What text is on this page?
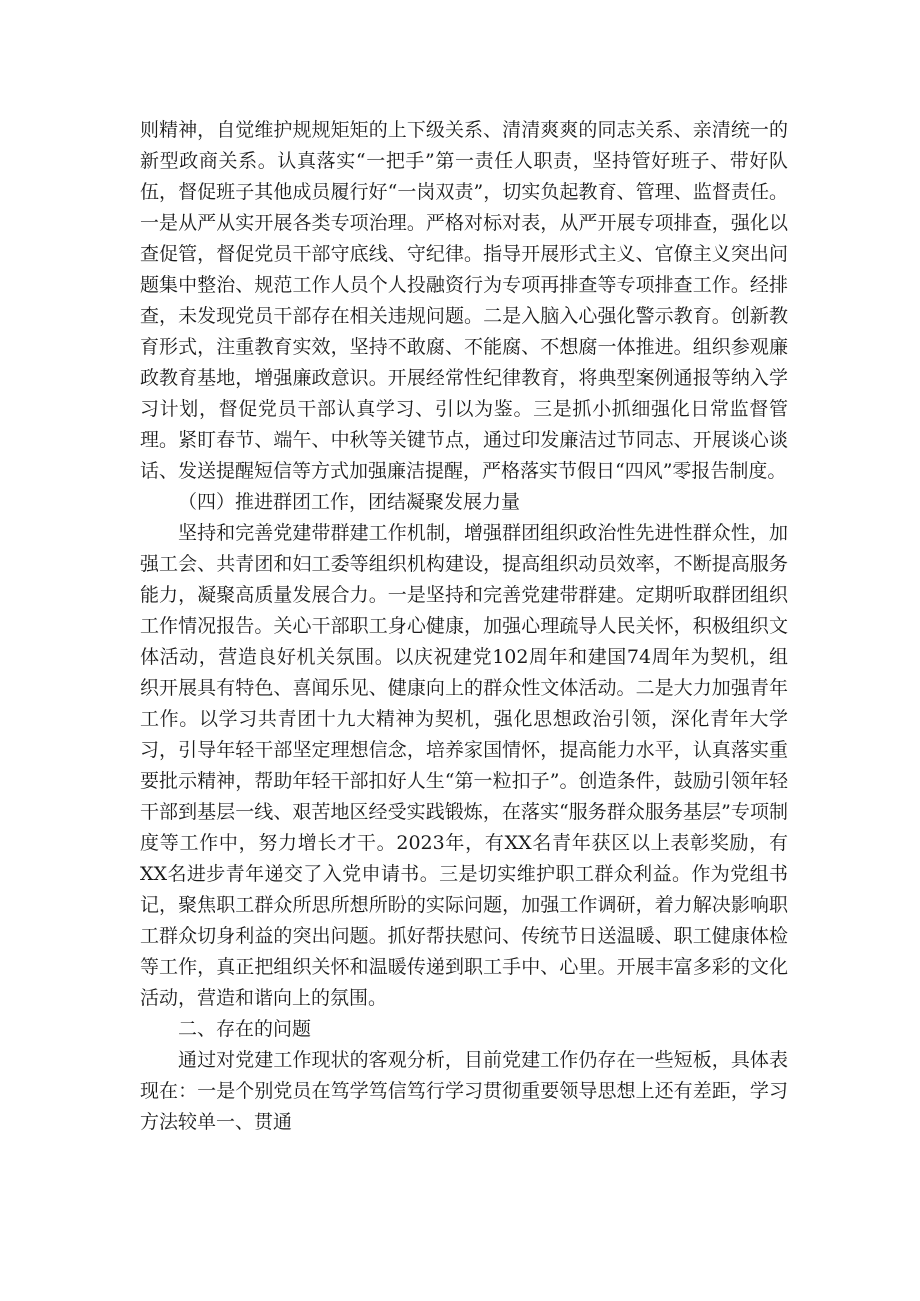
则精神，自觉维护规规矩矩的上下级关系、清清爽爽的同志关系、亲清统一的新型政商关系。认真落实“一把手”第一责任人职责，坚持管好班子、带好队伍，督促班子其他成员履行好“一岗双责”，切实负起教育、管理、监督责任。一是从严从实开展各类专项治理。严格对标对表，从严开展专项排查，强化以查促管，督促党员干部守底线、守纪律。指导开展形式主义、官僚主义突出问题集中整治、规范工作人员个人投融资行为专项再排查等专项排查工作。经排查，未发现党员干部存在相关违规问题。二是入脑入心强化警示教育。创新教育形式，注重教育实效，坚持不敢腐、不能腐、不想腐一体推进。组织参观廉政教育基地，增强廉政意识。开展经常性纪律教育，将典型案例通报等纳入学习计划，督促党员干部认真学习、引以为鉴。三是抓小抓细强化日常监督管理。紧盯春节、端午、中秋等关键节点，通过印发廉洁过节同志、开展谈心谈话、发送提醒短信等方式加强廉洁提醒，严格落实节假日“四风”零报告制度。

（四）推进群团工作，团结凝聚发展力量

坚持和完善党建带群建工作机制，增强群团组织政治性先进性群众性，加强工会、共青团和妇工委等组织机构建设，提高组织动员效率，不断提高服务能力，凝聚高质量发展合力。一是坚持和完善党建带群建。定期听取群团组织工作情况报告。关心干部职工身心健康，加强心理疏导人民关怀，积极组织文体活动，营造良好机关氛围。以庆祝建党102周年和建国74周年为契机，组织开展具有特色、喜闻乐见、健康向上的群众性文体活动。二是大力加强青年工作。以学习共青团十九大精神为契机，强化思想政治引领，深化青年大学习，引导年轻干部坚定理想信念，培养家国情怀，提高能力水平，认真落实重要批示精神，帮助年轻干部扣好人生“第一粒扣子”。创造条件，鼓励引领年轻干部到基层一线、艰苦地区经受实践锻炼，在落实“服务群众服务基层”专项制度等工作中，努力增长才干。2023年，有XX名青年获区以上表彰奖励，有XX名进步青年递交了入党申请书。三是切实维护职工群众利益。作为党组书记，聚焦职工群众所思所想所盼的实际问题，加强工作调研，着力解决影响职工群众切身利益的突出问题。抓好帮扶慰问、传统节日送温暖、职工健康体检等工作，真正把组织关怀和温暖传递到职工手中、心里。开展丰富多彩的文化活动，营造和谐向上的氛围。

二、存在的问题

通过对党建工作现状的客观分析，目前党建工作仍存在一些短板，具体表现在：一是个别党员在笃学笃信笃行学习贯彻重要领导思想上还有差距，学习方法较单一、贯通
